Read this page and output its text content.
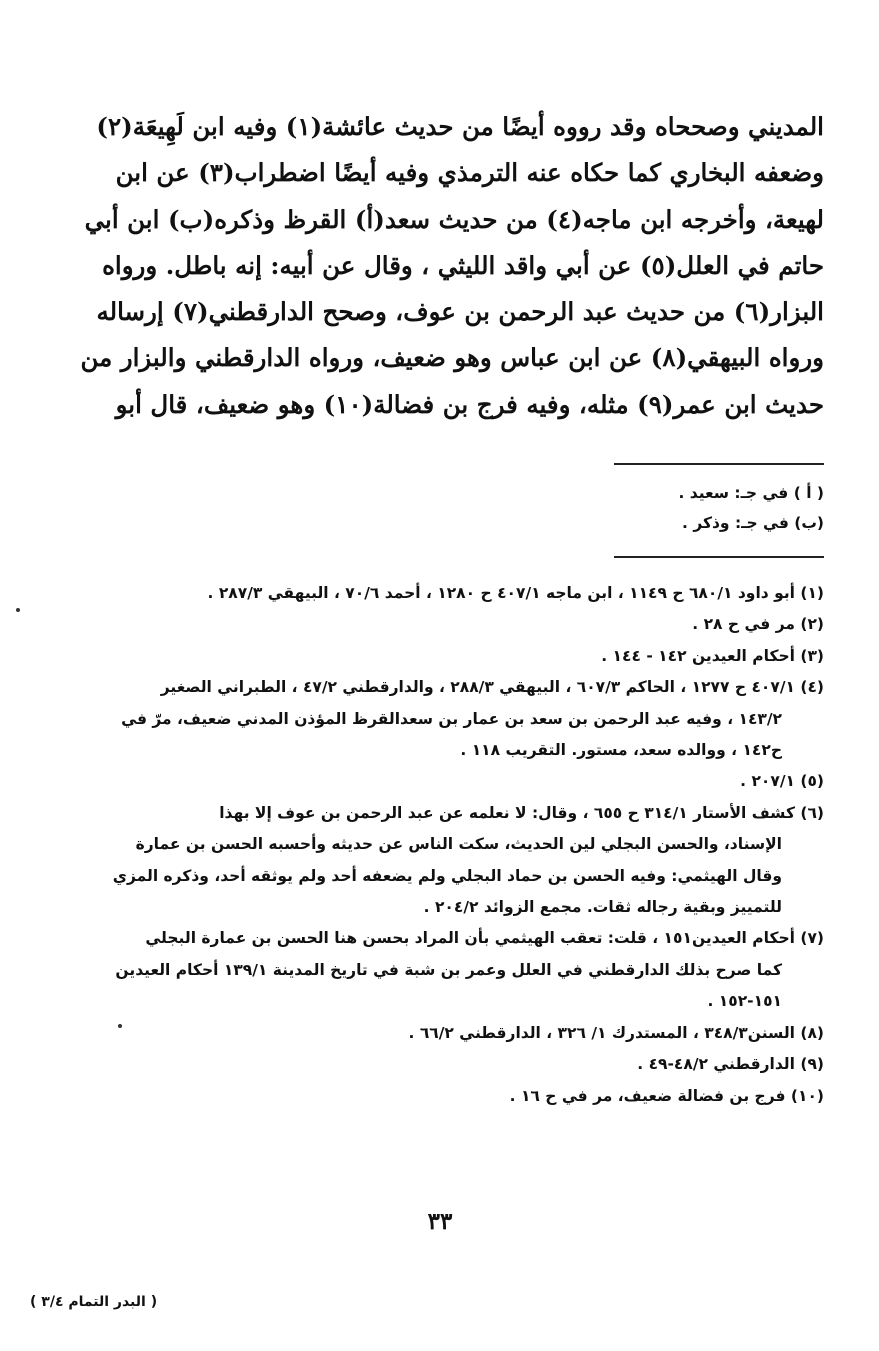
المديني وصححاه وقد رووه أيضًا من حديث عائشة(١) وفيه ابن لَهِيعَة(٢)
وضعفه البخاري كما حكاه عنه الترمذي وفيه أيضًا اضطراب(٣) عن ابن
لهيعة، وأخرجه ابن ماجه(٤) من حديث سعد(أ) القرظ وذكره(ب) ابن أبي
حاتم في العلل(٥) عن أبي واقد الليثي ، وقال عن أبيه: إنه باطل. ورواه
البزار(٦) من حديث عبد الرحمن بن عوف، وصحح الدارقطني(٧) إرساله
ورواه البيهقي(٨) عن ابن عباس وهو ضعيف، ورواه الدارقطني والبزار من
حديث ابن عمر(٩) مثله، وفيه فرج بن فضالة(١٠) وهو ضعيف، قال أبو
( أ ) في جـ: سعيد .
(ب) في جـ: وذكر .
(١) أبو داود ٦٨٠/١ ح ١١٤٩ ، ابن ماجه ٤٠٧/١ ح ١٢٨٠ ، أحمد ٧٠/٦ ، البيهقي ٢٨٧/٣ .
(٢) مر في ح ٢٨ .
(٣) أحكام العيدين ١٤٢ - ١٤٤ .
(٤) ٤٠٧/١ ح ١٢٧٧ ، الحاكم ٦٠٧/٣ ، البيهقي ٢٨٨/٣ ، والدارقطني ٤٧/٢ ، الطبراني الصغير
١٤٣/٢ ، وفيه عبد الرحمن بن سعد بن عمار بن سعدالقرظ المؤذن المدني ضعيف، مرّ في
ح١٤٢ ، ووالده سعد، مستور. التقريب ١١٨ .
(٥) ٢٠٧/١ .
(٦) كشف الأستار ٣١٤/١ ح ٦٥٥ ، وقال: لا نعلمه عن عبد الرحمن بن عوف إلا بهذا
الإسناد، والحسن البجلي لين الحديث، سكت الناس عن حديثه وأحسبه الحسن بن عمارة
وقال الهيثمي: وفيه الحسن بن حماد البجلي ولم يضعفه أحد ولم يوثقه أحد، وذكره المزي
للتمييز وبقية رجاله ثقات. مجمع الزوائد ٢٠٤/٢ .
(٧) أحكام العيدين١٥١ ، قلت: تعقب الهيثمي بأن المراد بحسن هنا الحسن بن عمارة البجلي
كما صرح بذلك الدارقطني في العلل وعمر بن شبة في تاريخ المدينة ١٣٩/١ أحكام العيدين
١٥١-١٥٢ .
(٨) السنن٣٤٨/٣ ، المستدرك ١/ ٣٢٦ ، الدارقطني ٦٦/٢ .
(٩) الدارقطني ٤٨/٢-٤٩ .
(١٠) فرج بن فضالة ضعيف، مر في ح ١٦ .
٣٣
( البدر التمام ٣/٤ )
